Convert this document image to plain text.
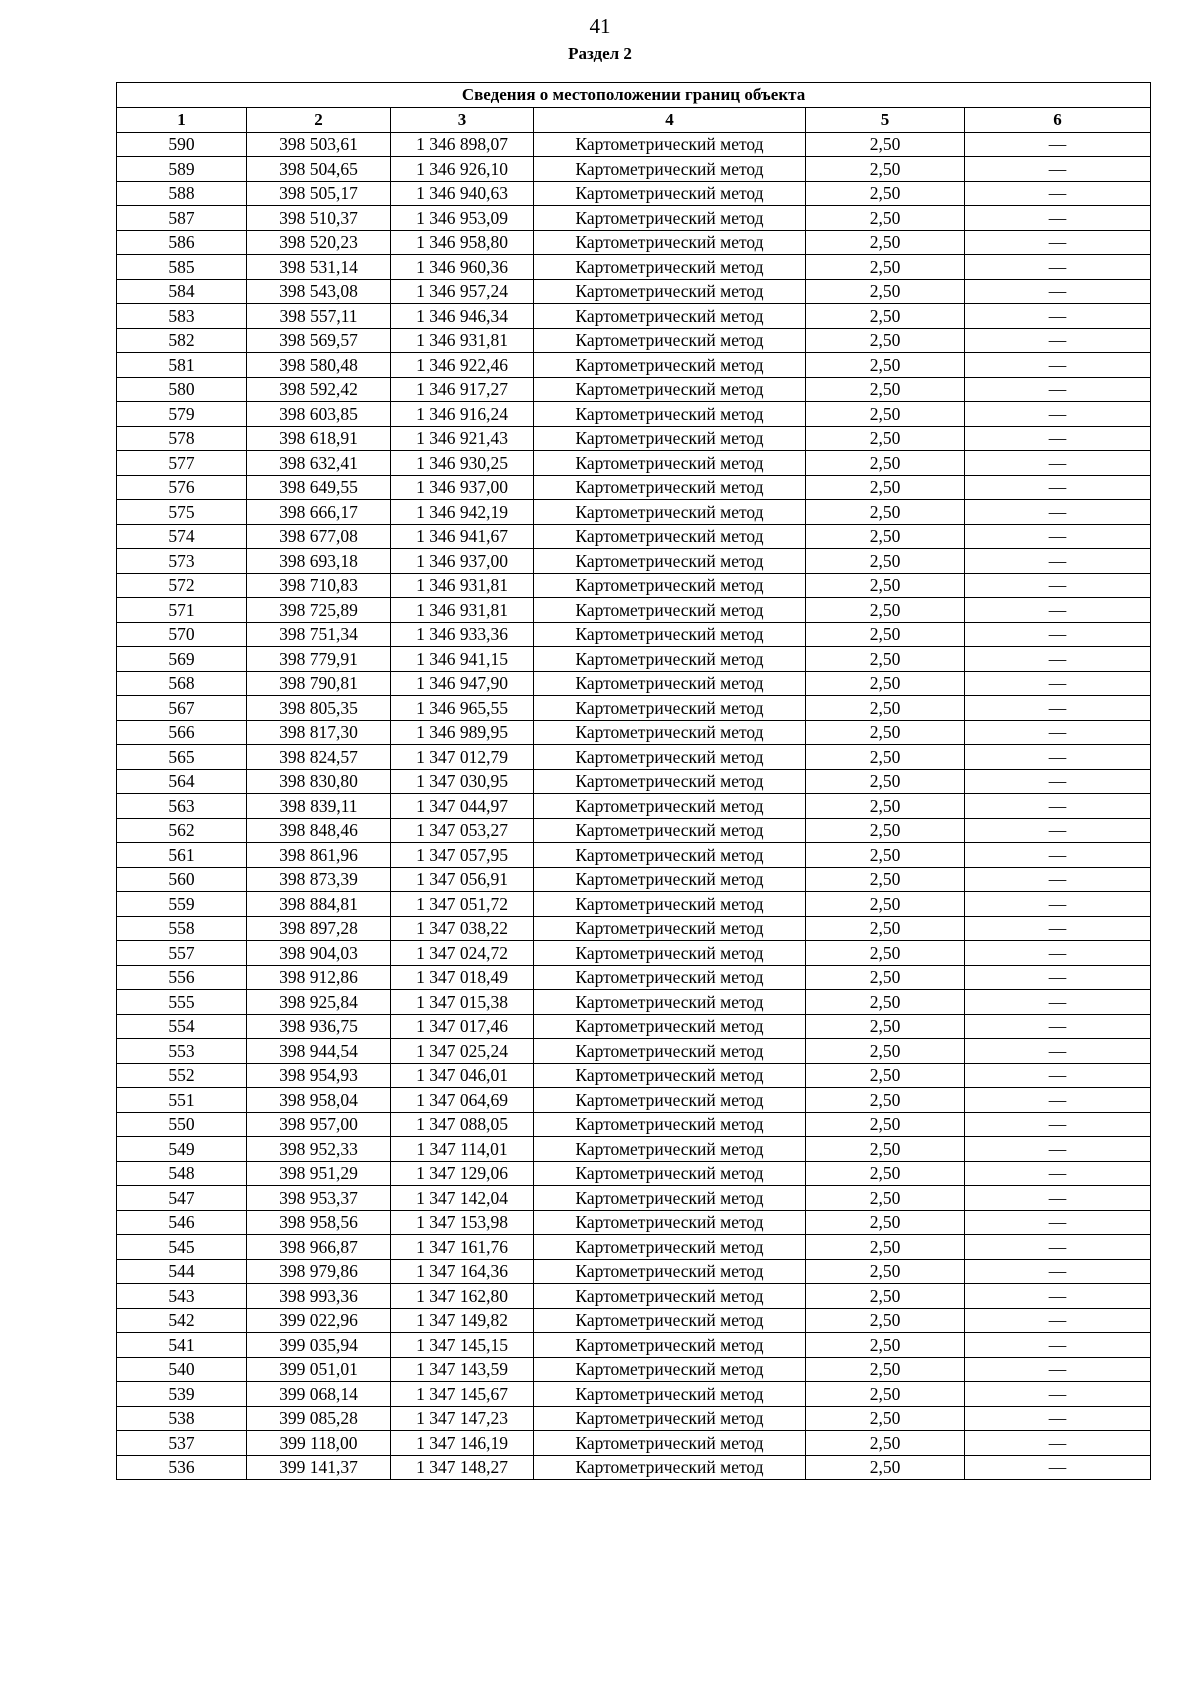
41
Раздел 2
Сведения о местоположении границ объекта					
1	2	3	4	5	6
590	398 503,61	1 346 898,07	Картометрический метод	2,50	—
589	398 504,65	1 346 926,10	Картометрический метод	2,50	—
588	398 505,17	1 346 940,63	Картометрический метод	2,50	—
587	398 510,37	1 346 953,09	Картометрический метод	2,50	—
586	398 520,23	1 346 958,80	Картометрический метод	2,50	—
585	398 531,14	1 346 960,36	Картометрический метод	2,50	—
584	398 543,08	1 346 957,24	Картометрический метод	2,50	—
583	398 557,11	1 346 946,34	Картометрический метод	2,50	—
582	398 569,57	1 346 931,81	Картометрический метод	2,50	—
581	398 580,48	1 346 922,46	Картометрический метод	2,50	—
580	398 592,42	1 346 917,27	Картометрический метод	2,50	—
579	398 603,85	1 346 916,24	Картометрический метод	2,50	—
578	398 618,91	1 346 921,43	Картометрический метод	2,50	—
577	398 632,41	1 346 930,25	Картометрический метод	2,50	—
576	398 649,55	1 346 937,00	Картометрический метод	2,50	—
575	398 666,17	1 346 942,19	Картометрический метод	2,50	—
574	398 677,08	1 346 941,67	Картометрический метод	2,50	—
573	398 693,18	1 346 937,00	Картометрический метод	2,50	—
572	398 710,83	1 346 931,81	Картометрический метод	2,50	—
571	398 725,89	1 346 931,81	Картометрический метод	2,50	—
570	398 751,34	1 346 933,36	Картометрический метод	2,50	—
569	398 779,91	1 346 941,15	Картометрический метод	2,50	—
568	398 790,81	1 346 947,90	Картометрический метод	2,50	—
567	398 805,35	1 346 965,55	Картометрический метод	2,50	—
566	398 817,30	1 346 989,95	Картометрический метод	2,50	—
565	398 824,57	1 347 012,79	Картометрический метод	2,50	—
564	398 830,80	1 347 030,95	Картометрический метод	2,50	—
563	398 839,11	1 347 044,97	Картометрический метод	2,50	—
562	398 848,46	1 347 053,27	Картометрический метод	2,50	—
561	398 861,96	1 347 057,95	Картометрический метод	2,50	—
560	398 873,39	1 347 056,91	Картометрический метод	2,50	—
559	398 884,81	1 347 051,72	Картометрический метод	2,50	—
558	398 897,28	1 347 038,22	Картометрический метод	2,50	—
557	398 904,03	1 347 024,72	Картометрический метод	2,50	—
556	398 912,86	1 347 018,49	Картометрический метод	2,50	—
555	398 925,84	1 347 015,38	Картометрический метод	2,50	—
554	398 936,75	1 347 017,46	Картометрический метод	2,50	—
553	398 944,54	1 347 025,24	Картометрический метод	2,50	—
552	398 954,93	1 347 046,01	Картометрический метод	2,50	—
551	398 958,04	1 347 064,69	Картометрический метод	2,50	—
550	398 957,00	1 347 088,05	Картометрический метод	2,50	—
549	398 952,33	1 347 114,01	Картометрический метод	2,50	—
548	398 951,29	1 347 129,06	Картометрический метод	2,50	—
547	398 953,37	1 347 142,04	Картометрический метод	2,50	—
546	398 958,56	1 347 153,98	Картометрический метод	2,50	—
545	398 966,87	1 347 161,76	Картометрический метод	2,50	—
544	398 979,86	1 347 164,36	Картометрический метод	2,50	—
543	398 993,36	1 347 162,80	Картометрический метод	2,50	—
542	399 022,96	1 347 149,82	Картометрический метод	2,50	—
541	399 035,94	1 347 145,15	Картометрический метод	2,50	—
540	399 051,01	1 347 143,59	Картометрический метод	2,50	—
539	399 068,14	1 347 145,67	Картометрический метод	2,50	—
538	399 085,28	1 347 147,23	Картометрический метод	2,50	—
537	399 118,00	1 347 146,19	Картометрический метод	2,50	—
536	399 141,37	1 347 148,27	Картометрический метод	2,50	—
